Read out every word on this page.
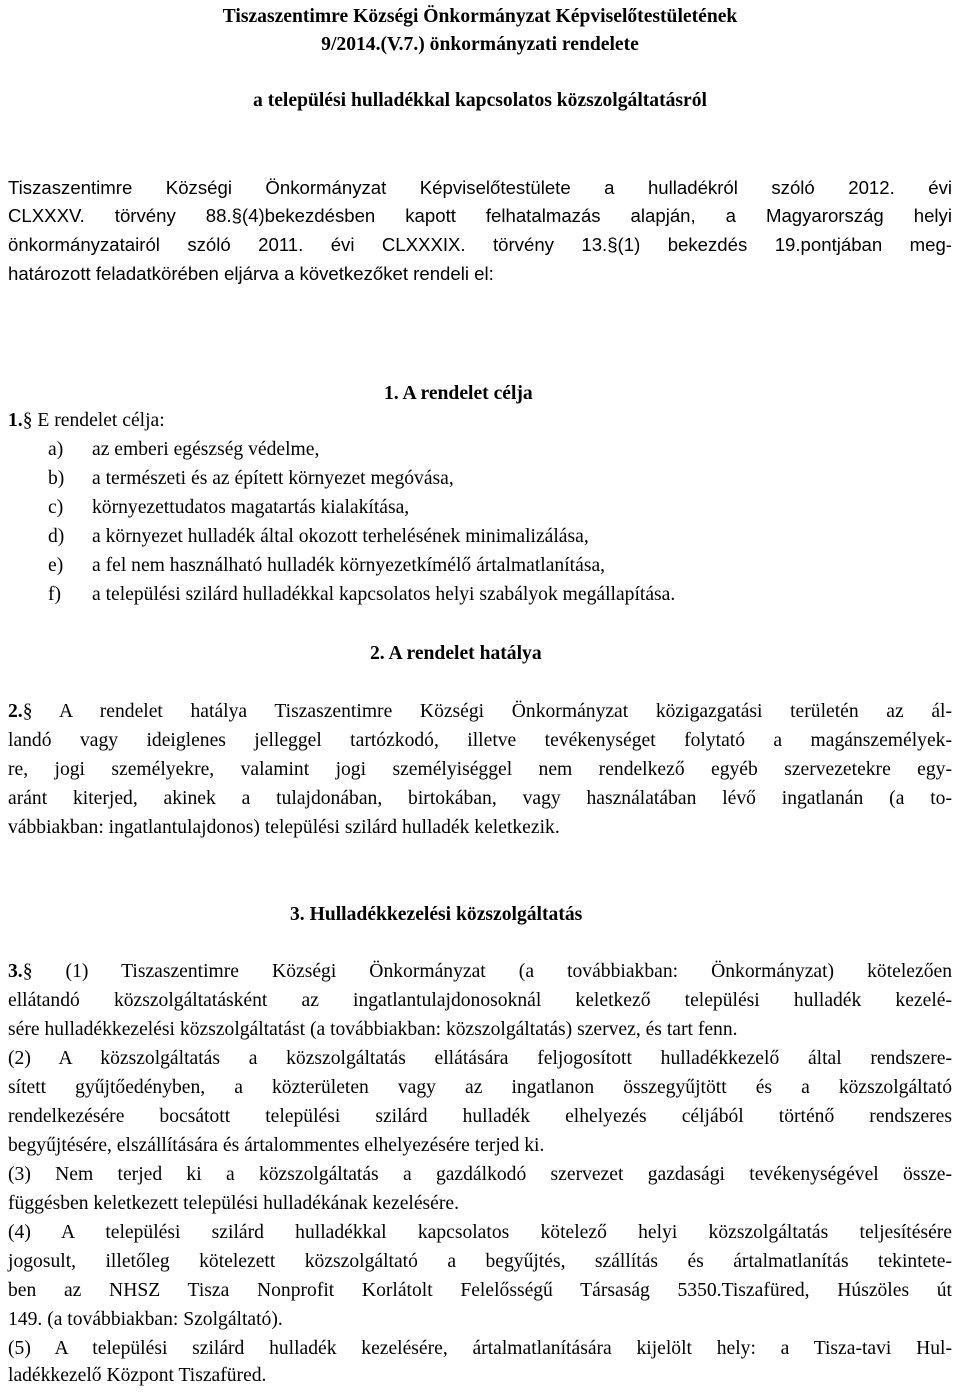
Tiszaszentimre Községi Önkormányzat Képviselőtestületének
9/2014.(V.7.) önkormányzati rendelete
a települési hulladékkal kapcsolatos közszolgáltatásról
Tiszaszentimre Községi Önkormányzat Képviselőtestülete a hulladékról szóló 2012. évi
CLXXXV. törvény 88.§(4)bekezdésben kapott felhatalmazás alapján, a Magyarország helyi
önkormányzatairól szóló 2011. évi CLXXXIX. törvény 13.§(1) bekezdés 19.pontjában meg-
határozott feladatkörében eljárva a következőket rendeli el:
1. A rendelet célja
1.§ E rendelet célja:
a) az emberi egészség védelme,
b) a természeti és az épített környezet megóvása,
c) környezettudatos magatartás kialakítása,
d) a környezet hulladék által okozott terhelésének minimalizálása,
e) a fel nem használható hulladék környezetkímélő ártalmatlanítása,
f) a települési szilárd hulladékkal kapcsolatos helyi szabályok megállapítása.
2. A rendelet hatálya
2.§ A rendelet hatálya Tiszaszentimre Községi Önkormányzat közigazgatási területén az ál-
landó vagy ideiglenes jelleggel tartózkodó, illetve tevékenységet folytató a magánszemélyek-
re, jogi személyekre, valamint jogi személyiséggel nem rendelkező egyéb szervezetekre egy-
aránt kiterjed, akinek a tulajdonában, birtokában, vagy használatában lévő ingatlanán (a to-
vábbiakban: ingatlantulajdonos) települési szilárd hulladék keletkezik.
3. Hulladékkezelési közszolgáltatás
3.§ (1) Tiszaszentimre Községi Önkormányzat (a továbbiakban: Önkormányzat) kötelezően
ellátandó közszolgáltatásként az ingatlantulajdonosoknál keletkező települési hulladék kezelé-
sére hulladékkezelési közszolgáltatást (a továbbiakban: közszolgáltatás) szervez, és tart fenn.
(2) A közszolgáltatás a közszolgáltatás ellátására feljogosított hulladékkezelő által rendszere-
sített gyűjtőedényben, a közterületen vagy az ingatlanon összegyűjtött és a közszolgáltató
rendelkezésére bocsátott települési szilárd hulladék elhelyezés céljából történő rendszeres
begyűjtésére, elszállítására és ártalommentes elhelyezésére terjed ki.
(3) Nem terjed ki a közszolgáltatás a gazdálkodó szervezet gazdasági tevékenységével össze-
függésben keletkezett települési hulladékának kezelésére.
(4) A települési szilárd hulladékkal kapcsolatos kötelező helyi közszolgáltatás teljesítésére
jogosult, illetőleg kötelezett közszolgáltató a begyűjtés, szállítás és ártalmatlanítás tekintete-
ben az NHSZ Tisza Nonprofit Korlátolt Felelősségű Társaság 5350.Tiszafüred, Húszöles út
149. (a továbbiakban: Szolgáltató).
(5) A települési szilárd hulladék kezelésére, ártalmatlanítására kijelölt hely: a Tisza-tavi Hul-
ladékkezelő Központ Tiszafüred.
